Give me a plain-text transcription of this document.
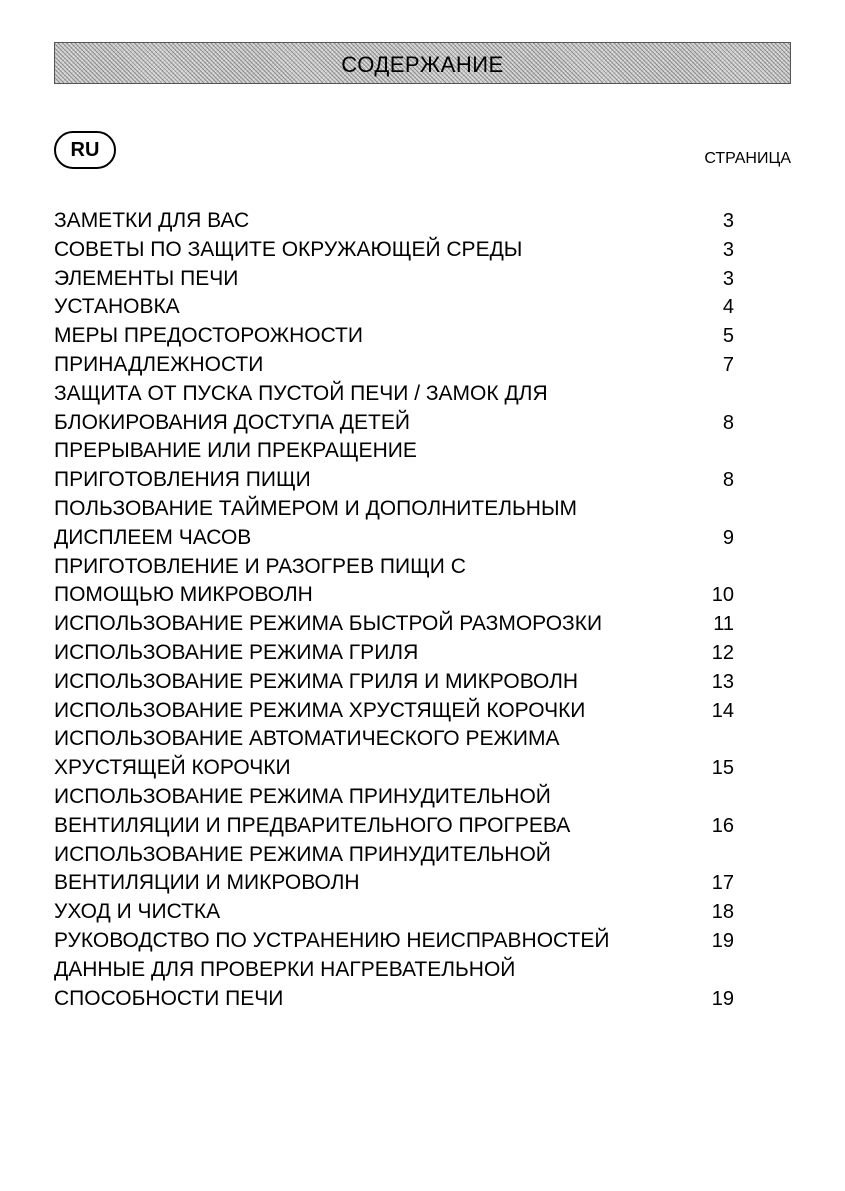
СОДЕРЖАНИЕ
RU	СТРАНИЦА
ЗАМЕТКИ ДЛЯ ВАС	3
СОВЕТЫ ПО ЗАЩИТЕ ОКРУЖАЮЩЕЙ СРЕДЫ	3
ЭЛЕМЕНТЫ ПЕЧИ	3
УСТАНОВКА	4
МЕРЫ ПРЕДОСТОРОЖНОСТИ	5
ПРИНАДЛЕЖНОСТИ	7
ЗАЩИТА ОТ ПУСКА ПУСТОЙ ПЕЧИ / ЗАМОК ДЛЯ
БЛОКИРОВАНИЯ ДОСТУПА ДЕТЕЙ	8
ПРЕРЫВАНИЕ ИЛИ ПРЕКРАЩЕНИЕ
ПРИГОТОВЛЕНИЯ ПИЩИ	8
ПОЛЬЗОВАНИЕ ТАЙМЕРОМ И ДОПОЛНИТЕЛЬНЫМ
ДИСПЛЕЕМ ЧАСОВ	9
ПРИГОТОВЛЕНИЕ И РАЗОГРЕВ ПИЩИ С
ПОМОЩЬЮ МИКРОВОЛН	10
ИСПОЛЬЗОВАНИЕ РЕЖИМА БЫСТРОЙ РАЗМОРОЗКИ	11
ИСПОЛЬЗОВАНИЕ РЕЖИМА ГРИЛЯ	12
ИСПОЛЬЗОВАНИЕ РЕЖИМА ГРИЛЯ И МИКРОВОЛН	13
ИСПОЛЬЗОВАНИЕ РЕЖИМА ХРУСТЯЩЕЙ КОРОЧКИ	14
ИСПОЛЬЗОВАНИЕ АВТОМАТИЧЕСКОГО РЕЖИМА
ХРУСТЯЩЕЙ КОРОЧКИ	15
ИСПОЛЬЗОВАНИЕ РЕЖИМА ПРИНУДИТЕЛЬНОЙ
ВЕНТИЛЯЦИИ И ПРЕДВАРИТЕЛЬНОГО ПРОГРЕВА	16
ИСПОЛЬЗОВАНИЕ РЕЖИМА ПРИНУДИТЕЛЬНОЙ
ВЕНТИЛЯЦИИ И МИКРОВОЛН	17
УХОД И ЧИСТКА	18
РУКОВОДСТВО ПО УСТРАНЕНИЮ НЕИСПРАВНОСТЕЙ	19
ДАННЫЕ ДЛЯ ПРОВЕРКИ НАГРЕВАТЕЛЬНОЙ
СПОСОБНОСТИ ПЕЧИ	19
